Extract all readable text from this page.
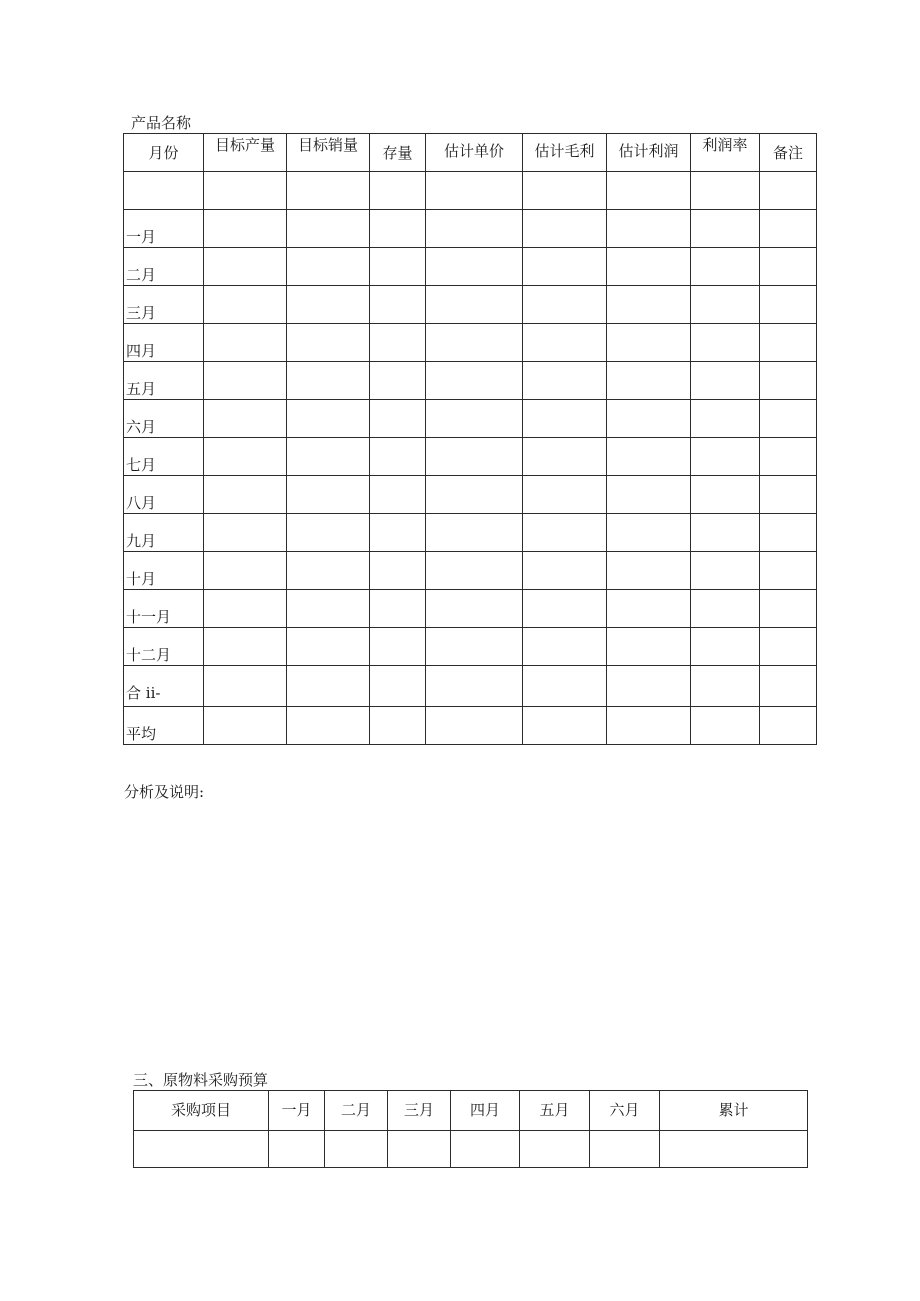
产品名称
月份	目标产量	目标销量	存量	估计单价	估计毛利	估计利润	利润率	备注

一月								
二月								
三月								
四月								
五月								
六月								
七月								
八月								
九月								
十月								
十一月								
十二月								
合 ii-								
平均								
分析及说明:
三、原物料采购预算
采购项目	一月	二月	三月	四月	五月	六月	累计
